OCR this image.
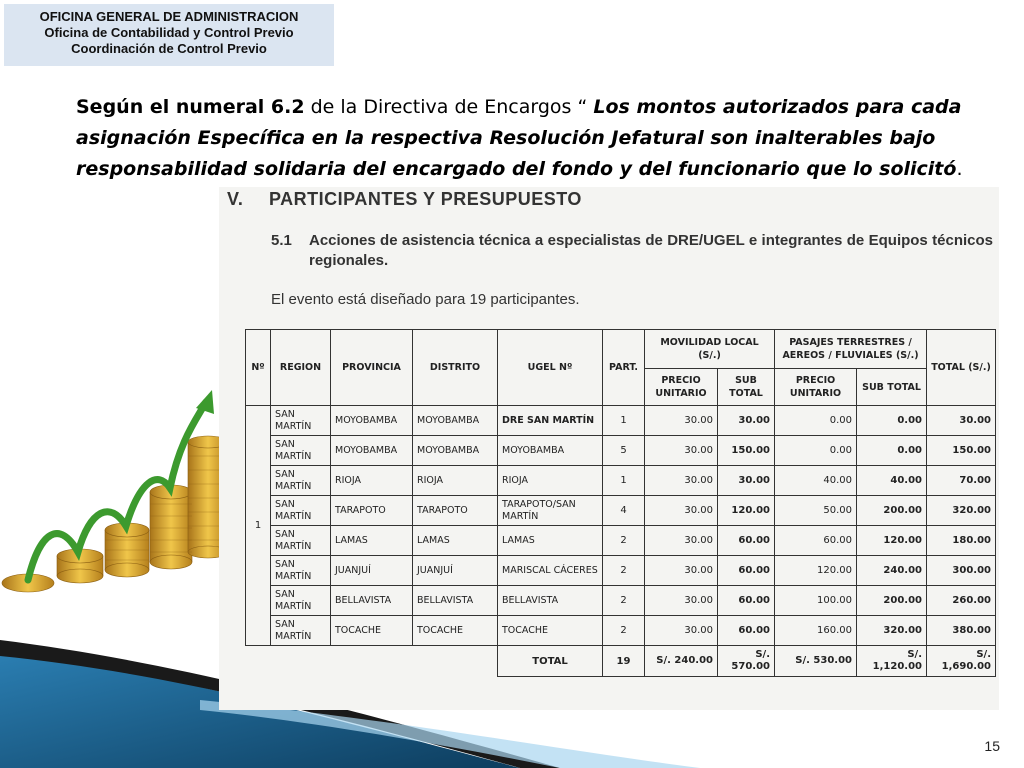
OFICINA GENERAL DE ADMINISTRACION
Oficina de Contabilidad y Control Previo
Coordinación de Control Previo
Según el numeral 6.2 de la Directiva de Encargos “ Los montos autorizados para cada asignación Específica en la respectiva Resolución Jefatural son inalterables bajo responsabilidad solidaria del encargado del fondo y del funcionario que lo solicitó.
V. PARTICIPANTES Y PRESUPUESTO
5.1 Acciones de asistencia técnica a especialistas de DRE/UGEL e integrantes de Equipos técnicos regionales.
El evento está diseñado para 19 participantes.
Nº	REGION	PROVINCIA	DISTRITO	UGEL Nº	PART.	MOVILIDAD LOCAL (S/.)		PASAJES TERRESTRES / AEREOS / FLUVIALES (S/.)		TOTAL (S/.)
						PRECIO UNITARIO	SUB TOTAL	PRECIO UNITARIO	SUB TOTAL	
1	SAN MARTÍN	MOYOBAMBA	MOYOBAMBA	DRE SAN MARTÍN	1	30.00	30.00	0.00	0.00	30.00
	SAN MARTÍN	MOYOBAMBA	MOYOBAMBA	MOYOBAMBA	5	30.00	150.00	0.00	0.00	150.00
	SAN MARTÍN	RIOJA	RIOJA	RIOJA	1	30.00	30.00	40.00	40.00	70.00
	SAN MARTÍN	TARAPOTO	TARAPOTO	TARAPOTO/SAN MARTÍN	4	30.00	120.00	50.00	200.00	320.00
	SAN MARTÍN	LAMAS	LAMAS	LAMAS	2	30.00	60.00	60.00	120.00	180.00
	SAN MARTÍN	JUANJUÍ	JUANJUÍ	MARISCAL CÁCERES	2	30.00	60.00	120.00	240.00	300.00
	SAN MARTÍN	BELLAVISTA	BELLAVISTA	BELLAVISTA	2	30.00	60.00	100.00	200.00	260.00
	SAN MARTÍN	TOCACHE	TOCACHE	TOCACHE	2	30.00	60.00	160.00	320.00	380.00
				TOTAL	19	S/. 240.00	S/. 570.00	S/. 530.00	S/. 1,120.00	S/. 1,690.00
15
